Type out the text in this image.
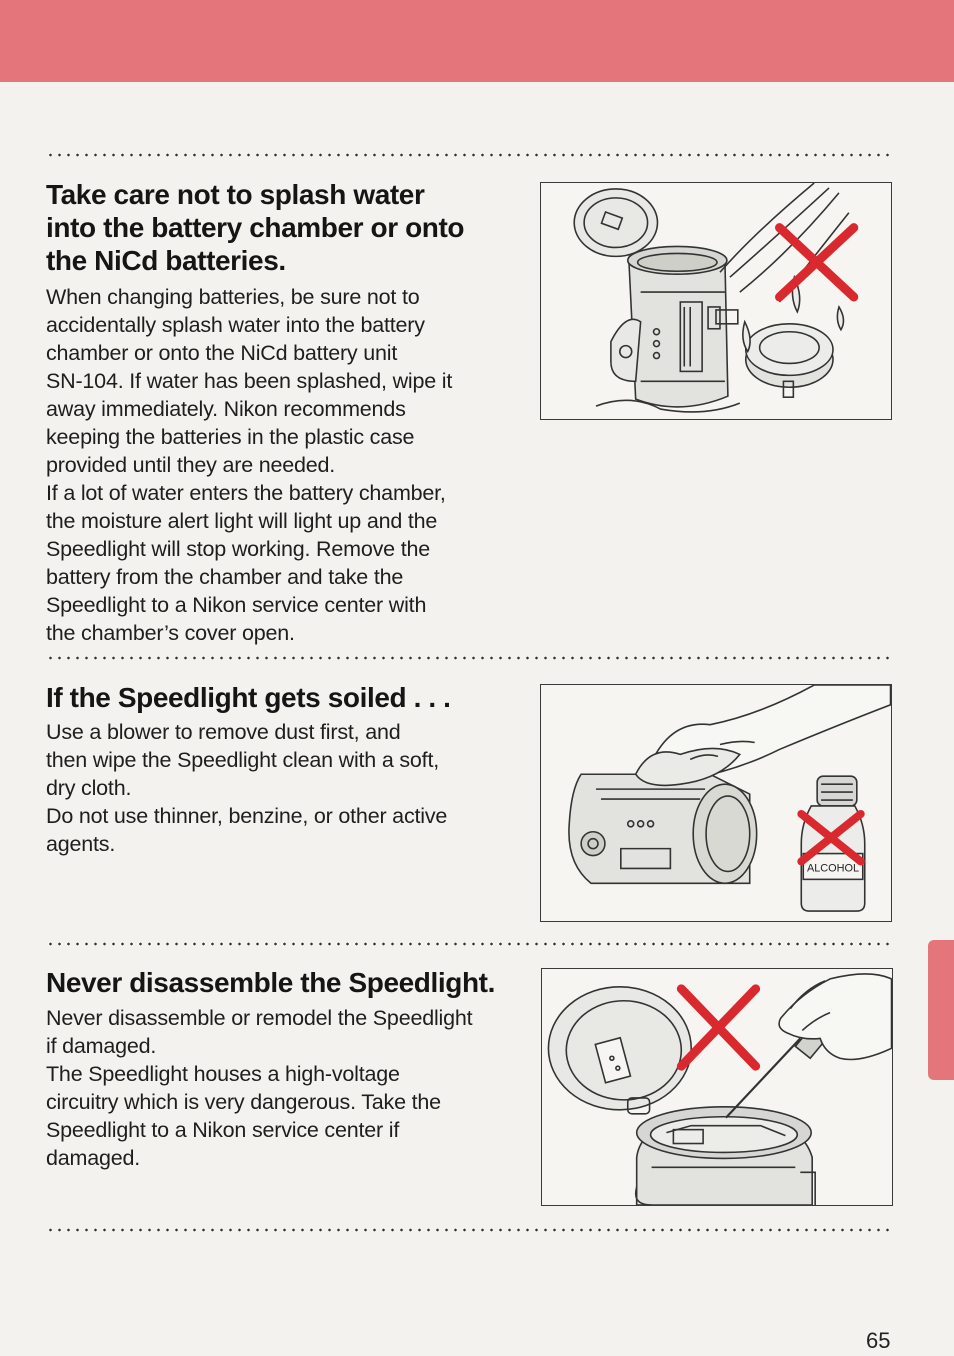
Take care not to splash water
into the battery chamber or onto
the NiCd batteries.

When changing batteries, be sure not to
accidentally splash water into the battery
chamber or onto the NiCd battery unit
SN-104. If water has been splashed, wipe it
away immediately. Nikon recommends
keeping the batteries in the plastic case
provided until they are needed.

If a lot of water enters the battery chamber,
the moisture alert light will light up and the
Speedlight will stop working. Remove the
battery from the chamber and take the
Speedlight to a Nikon service center with
the chamber’s cover open.

If the Speedlight gets soiled . . .

Use a blower to remove dust first, and
then wipe the Speedlight clean with a soft,
dry cloth.

Do not use thinner, benzine, or other active
agents.

ALCOHOL
Never disassemble the Speedlight.

Never disassemble or remodel the Speedlight
if damaged.

The Speedlight houses a high-voltage
circuitry which is very dangerous. Take the
Speedlight to a Nikon service center if
damaged.

65
